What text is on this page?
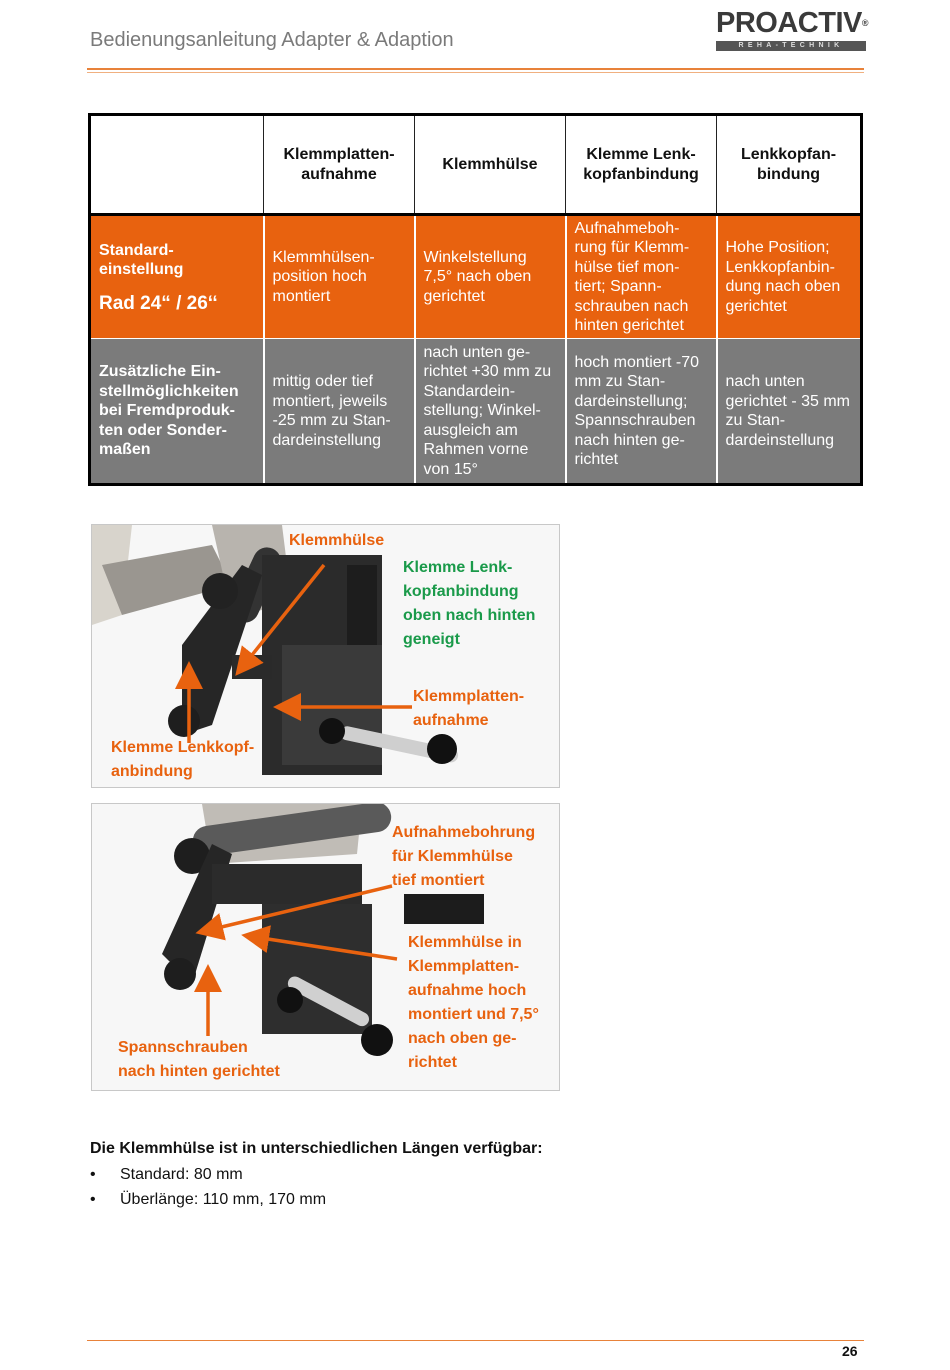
Bedienungsanleitung Adapter & Adaption
PROACTIV®
REHA-TECHNIK
	Klemmplatten-aufnahme	Klemmhülse	Klemme Lenk-kopfanbindung	Lenkkopfan-bindung
Standard-einstellung
Rad 24“ / 26‘‘	Klemmhülsen-position hoch montiert	Winkelstellung 7,5° nach oben gerichtet	Aufnahmeboh-rung für Klemm-hülse tief mon-tiert; Spann-schrauben nach hinten gerichtet	Hohe Position; Lenkkopfanbin-dung nach oben gerichtet
Zusätzliche Ein-stellmöglichkeiten bei Fremdproduk-ten oder Sonder-maßen	mittig oder tief montiert, jeweils -25 mm zu Stan-dardeinstellung	nach unten ge-richtet +30 mm zu Standardein-stellung; Winkel-ausgleich am Rahmen vorne von 15°	hoch montiert -70 mm zu Stan-dardeinstellung; Spannschrauben nach hinten ge-richtet	nach unten gerichtet - 35 mm zu Stan-dardeinstellung
Klemmhülse
Klemme Lenk-
kopfanbindung
oben nach hinten
geneigt
Klemmplatten-
aufnahme
Klemme Lenkkopf-
anbindung
Aufnahmebohrung
für Klemmhülse
tief montiert
Klemmhülse in
Klemmplatten-
aufnahme hoch
montiert und 7,5°
nach oben ge-
richtet
Spannschrauben
nach hinten gerichtet
Die Klemmhülse ist in unterschiedlichen Längen verfügbar:
• Standard: 80 mm
• Überlänge: 110 mm, 170 mm
26
